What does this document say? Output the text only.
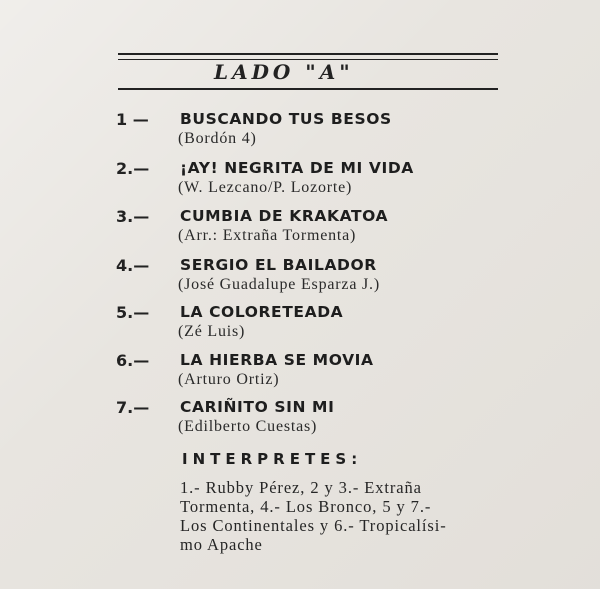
LADO "A"
1 — BUSCANDO TUS BESOS
(Bordón 4)
2.— ¡AY! NEGRITA DE MI VIDA
(W. Lezcano/P. Lozorte)
3.— CUMBIA DE KRAKATOA
(Arr.: Extraña Tormenta)
4.— SERGIO EL BAILADOR
(José Guadalupe Esparza J.)
5.— LA COLORETEADA
(Zé Luis)
6.— LA HIERBA SE MOVIA
(Arturo Ortiz)
7.— CARIÑITO SIN MI
(Edilberto Cuestas)
INTERPRETES:
1.- Rubby Pérez, 2 y 3.- Extraña
Tormenta, 4.- Los Bronco, 5 y 7.-
Los Continentales y 6.- Tropicalísi-
mo Apache
